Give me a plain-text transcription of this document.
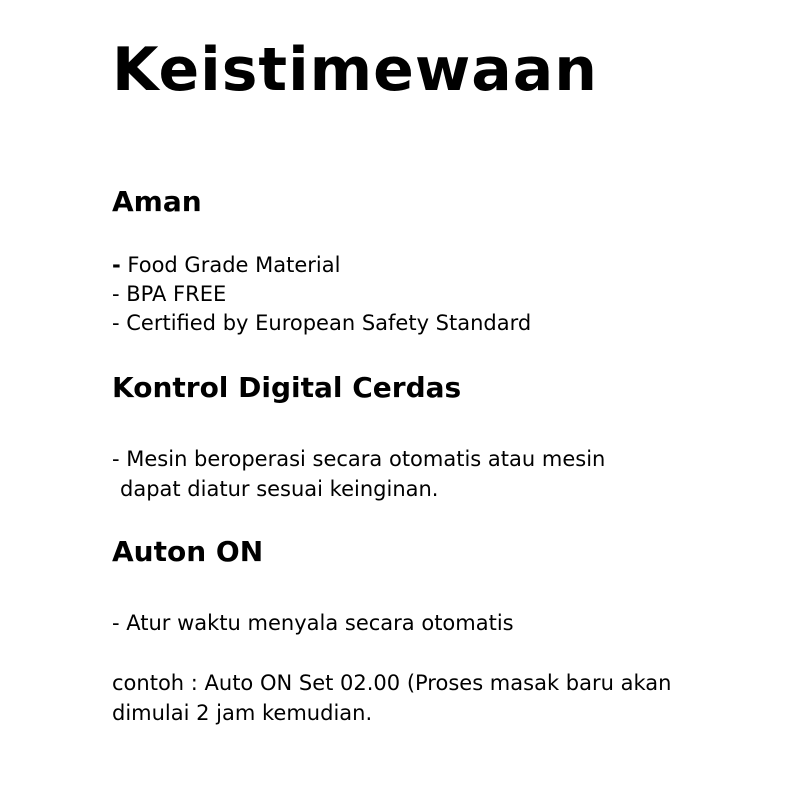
Keistimewaan
Aman
- Food Grade Material
- BPA FREE
- Certified by European Safety Standard
Kontrol Digital Cerdas
- Mesin beroperasi secara otomatis atau mesin
dapat diatur sesuai keinginan.
Auton ON
- Atur waktu menyala secara otomatis
contoh : Auto ON Set 02.00 (Proses masak baru akan
dimulai 2 jam kemudian.
